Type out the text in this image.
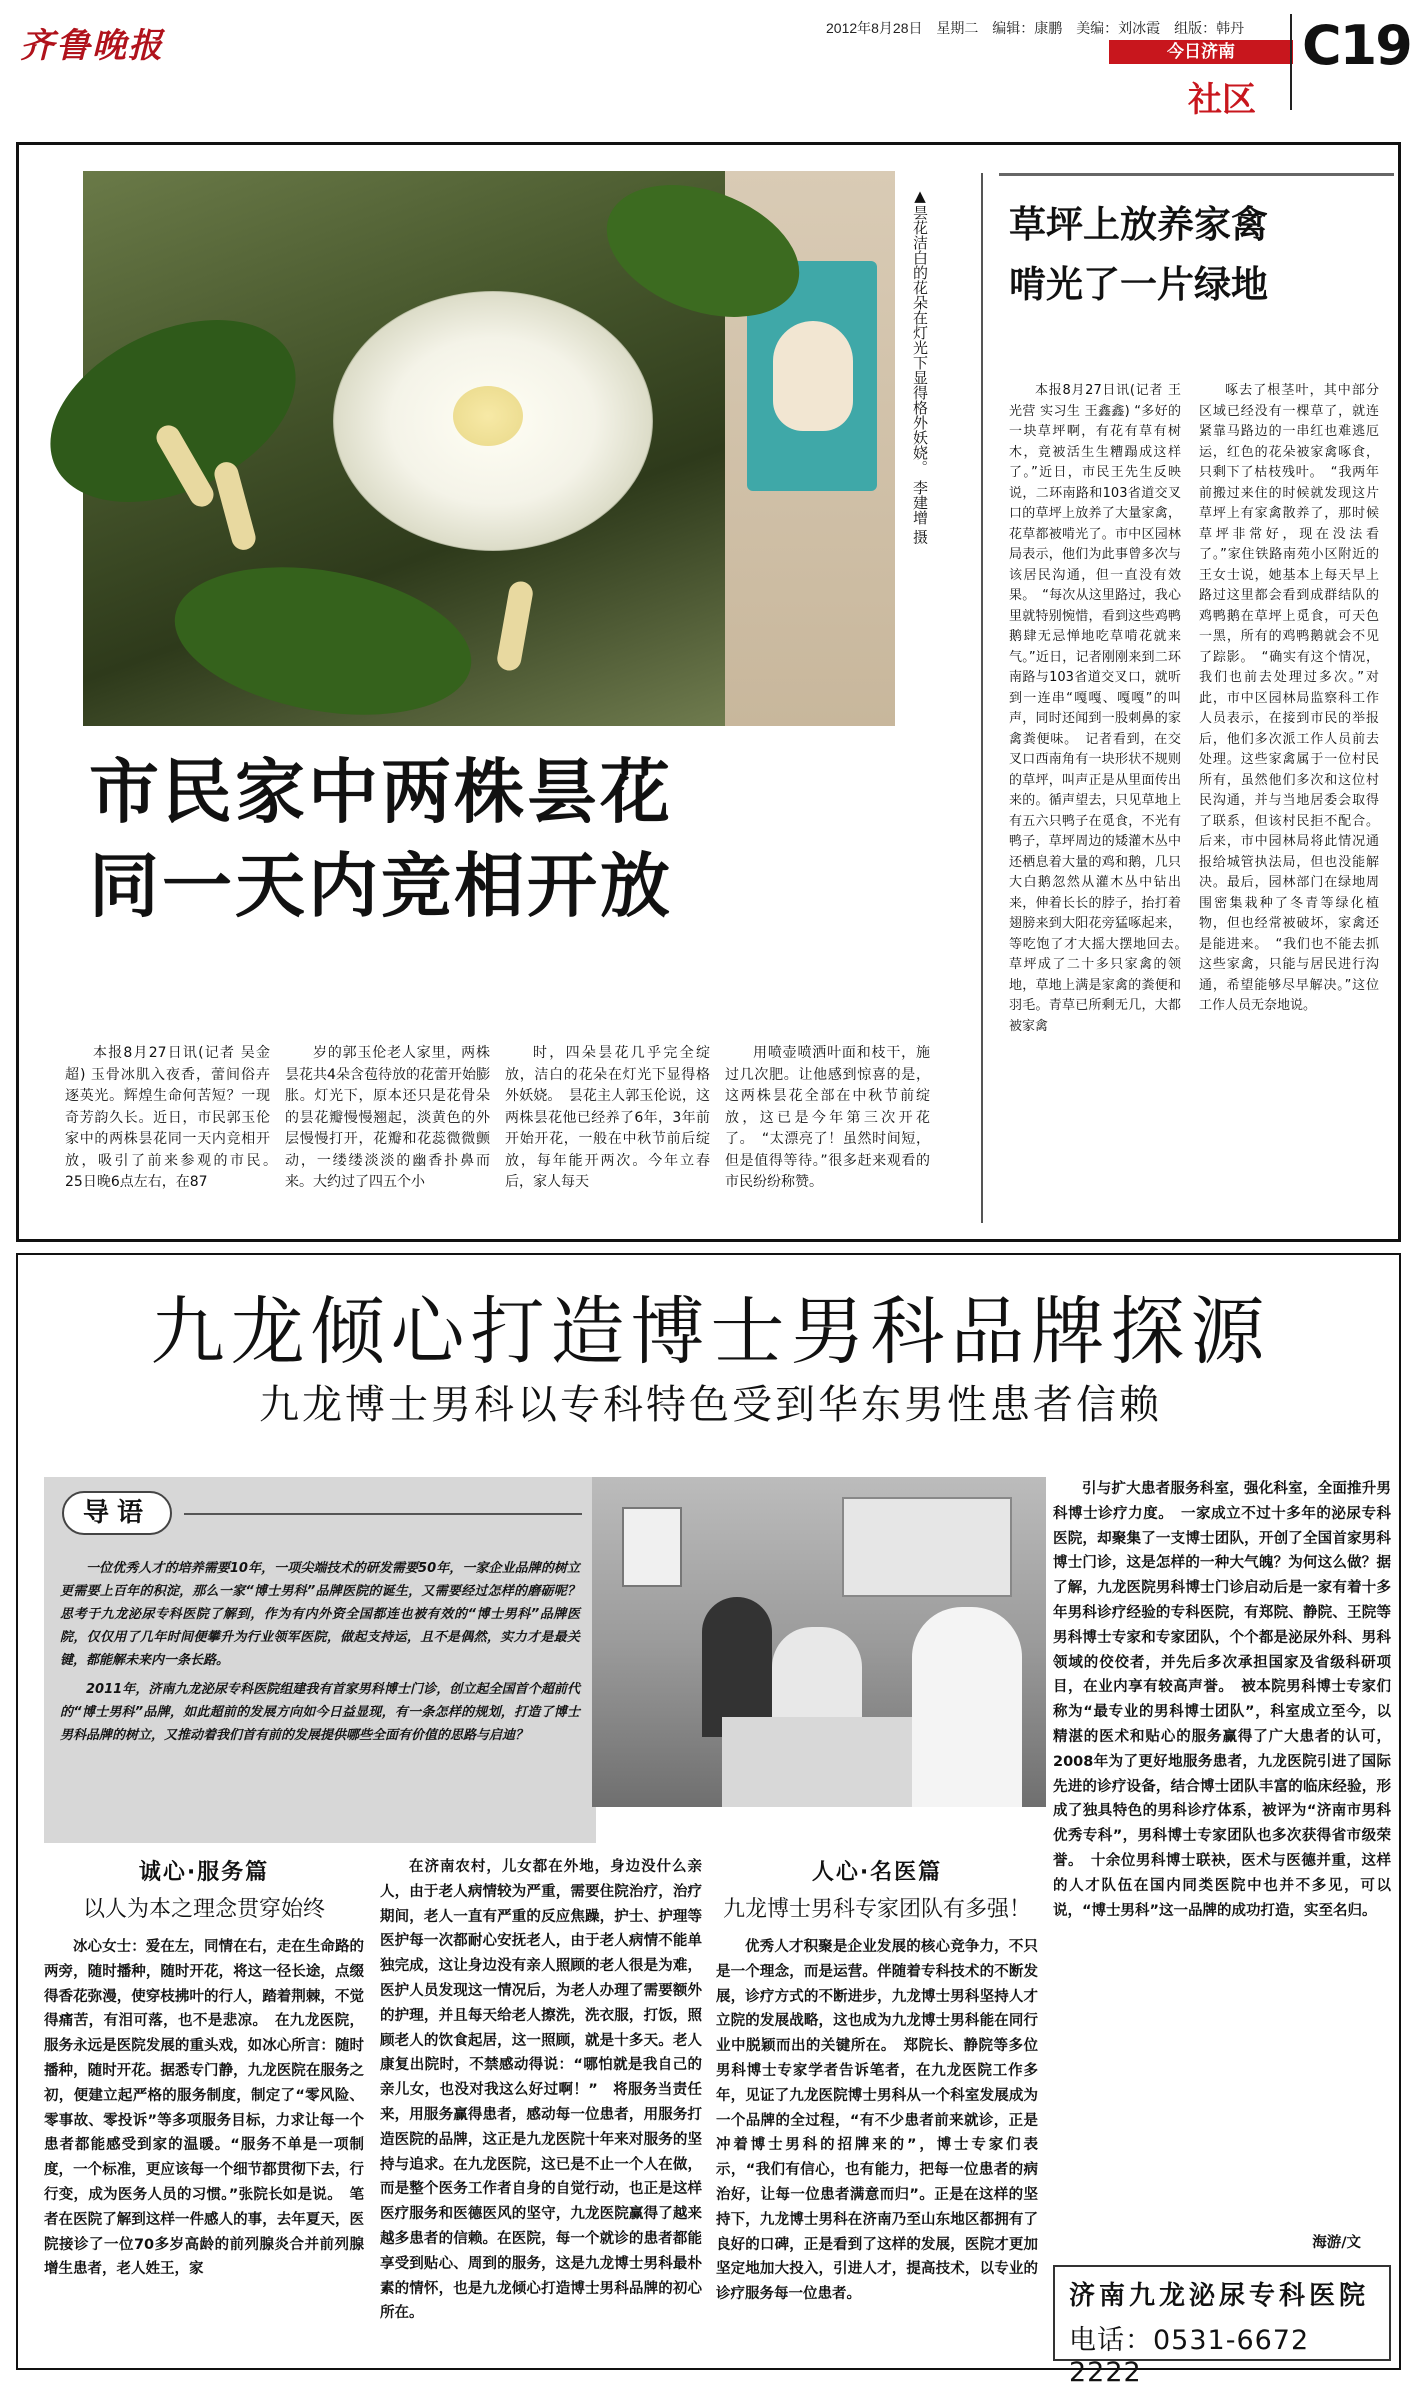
齐鲁晚报	2012年8月28日 星期二 编辑：康鹏 美编：刘冰霞 组版：韩丹
今日济南
社区
C19
▲昙花洁白的花朵在灯光下显得格外妖娆。 李建增 摄
市民家中两株昙花
同一天内竞相开放

本报8月27日讯(记者 吴金超) 玉骨冰肌入夜香，蕾间俗卉逐英光。辉煌生命何苦短？一现奇芳韵久长。近日，市民郭玉伦家中的两株昙花同一天内竞相开放，吸引了前来参观的市民。　25日晚6点左右，在87

岁的郭玉伦老人家里，两株昙花共4朵含苞待放的花蕾开始膨胀。灯光下，原本还只是花骨朵的昙花瓣慢慢翘起，淡黄色的外层慢慢打开，花瓣和花蕊微微颤动，一缕缕淡淡的幽香扑鼻而来。大约过了四五个小

时，四朵昙花几乎完全绽放，洁白的花朵在灯光下显得格外妖娆。　昙花主人郭玉伦说，这两株昙花他已经养了6年，3年前开始开花，一般在中秋节前后绽放，每年能开两次。今年立春后，家人每天

用喷壶喷洒叶面和枝干，施过几次肥。让他感到惊喜的是，这两株昙花全部在中秋节前绽放，这已是今年第三次开花了。　“太漂亮了！虽然时间短，但是值得等待。”很多赶来观看的市民纷纷称赞。

草坪上放养家禽
啃光了一片绿地

本报8月27日讯(记者 王光营 实习生 王鑫鑫) “多好的一块草坪啊，有花有草有树木，竟被活生生糟蹋成这样了。”近日，市民王先生反映说，二环南路和103省道交叉口的草坪上放养了大量家禽，花草都被啃光了。市中区园林局表示，他们为此事曾多次与该居民沟通，但一直没有效果。　“每次从这里路过，我心里就特别惋惜，看到这些鸡鸭鹅肆无忌惮地吃草啃花就来气。”近日，记者刚刚来到二环南路与103省道交叉口，就听到一连串“嘎嘎、嘎嘎”的叫声，同时还闻到一股刺鼻的家禽粪便味。　记者看到，在交叉口西南角有一块形状不规则的草坪，叫声正是从里面传出来的。循声望去，只见草地上有五六只鸭子在觅食，不光有鸭子，草坪周边的矮灌木丛中还栖息着大量的鸡和鹅，几只大白鹅忽然从灌木丛中钻出来，伸着长长的脖子，抬打着翅膀来到大阳花旁猛啄起来，等吃饱了才大摇大摆地回去。　草坪成了二十多只家禽的领地，草地上满是家禽的粪便和羽毛。青草已所剩无几，大都被家禽

啄去了根茎叶，其中部分区域已经没有一棵草了，就连紧靠马路边的一串红也难逃厄运，红色的花朵被家禽啄食，只剩下了枯枝残叶。　“我两年前搬过来住的时候就发现这片草坪上有家禽散养了，那时候草坪非常好，现在没法看了。”家住铁路南苑小区附近的王女士说，她基本上每天早上路过这里都会看到成群结队的鸡鸭鹅在草坪上觅食，可天色一黑，所有的鸡鸭鹅就会不见了踪影。　“确实有这个情况，我们也前去处理过多次。”对此，市中区园林局监察科工作人员表示，在接到市民的举报后，他们多次派工作人员前去处理。这些家禽属于一位村民所有，虽然他们多次和这位村民沟通，并与当地居委会取得了联系，但该村民拒不配合。后来，市中园林局将此情况通报给城管执法局，但也没能解决。最后，园林部门在绿地周围密集栽种了冬青等绿化植物，但也经常被破坏，家禽还是能进来。　“我们也不能去抓这些家禽，只能与居民进行沟通，希望能够尽早解决。”这位工作人员无奈地说。

九龙倾心打造博士男科品牌探源
九龙博士男科以专科特色受到华东男性患者信赖
导语

一位优秀人才的培养需要10年，一项尖端技术的研发需要50年，一家企业品牌的树立更需要上百年的积淀，那么一家“博士男科”品牌医院的诞生，又需要经过怎样的磨砺呢？思考于九龙泌尿专科医院了解到，作为有内外资全国都连也被有效的“博士男科”品牌医院，仅仅用了几年时间便攀升为行业领军医院，做起支持运，且不是偶然，实力才是最关键，都能解未来内一条长路。

2011年，济南九龙泌尿专科医院组建我有首家男科博士门诊，创立起全国首个超前代的“博士男科”品牌，如此超前的发展方向如今日益显现，有一条怎样的规划，打造了博士男科品牌的树立，又推动着我们首有前的发展提供哪些全面有价值的思路与启迪？

诚心·服务篇
以人为本之理念贯穿始终

冰心女士：爱在左，同情在右，走在生命路的两旁，随时播种，随时开花，将这一径长途，点缀得香花弥漫，使穿枝拂叶的行人，踏着荆棘，不觉得痛苦，有泪可落，也不是悲凉。　在九龙医院，服务永远是医院发展的重头戏，如冰心所言：随时播种，随时开花。据悉专门静，九龙医院在服务之初，便建立起严格的服务制度，制定了“零风险、零事故、零投诉”等多项服务目标，力求让每一个患者都能感受到家的温暖。“服务不单是一项制度，一个标准，更应该每一个细节都贯彻下去，行行变，成为医务人员的习惯。”张院长如是说。　笔者在医院了解到这样一件感人的事，去年夏天，医院接诊了一位70多岁高龄的前列腺炎合并前列腺增生患者，老人姓王，家

在济南农村，儿女都在外地，身边没什么亲人，由于老人病情较为严重，需要住院治疗，治疗期间，老人一直有严重的反应焦躁，护士、护理等医护每一次都耐心安抚老人，由于老人病情不能单独完成，这让身边没有亲人照顾的老人很是为难，医护人员发现这一情况后，为老人办理了需要额外的护理，并且每天给老人擦洗，洗衣服，打饭，照顾老人的饮食起居，这一照顾，就是十多天。老人康复出院时，不禁感动得说：“哪怕就是我自己的亲儿女，也没对我这么好过啊！”　将服务当责任来，用服务赢得患者，感动每一位患者，用服务打造医院的品牌，这正是九龙医院十年来对服务的坚持与追求。在九龙医院，这已是不止一个人在做，而是整个医务工作者自身的自觉行动，也正是这样医疗服务和医德医风的坚守，九龙医院赢得了越来越多患者的信赖。在医院，每一个就诊的患者都能享受到贴心、周到的服务，这是九龙博士男科最朴素的情怀，也是九龙倾心打造博士男科品牌的初心所在。

人心·名医篇
九龙博士男科专家团队有多强！

优秀人才积聚是企业发展的核心竞争力，不只是一个理念，而是运营。伴随着专科技术的不断发展，诊疗方式的不断进步，九龙博士男科坚持人才立院的发展战略，这也成为九龙博士男科能在同行业中脱颖而出的关键所在。　郑院长、静院等多位男科博士专家学者告诉笔者，在九龙医院工作多年，见证了九龙医院博士男科从一个科室发展成为一个品牌的全过程，“有不少患者前来就诊，正是冲着博士男科的招牌来的”，博士专家们表示，“我们有信心，也有能力，把每一位患者的病治好，让每一位患者满意而归”。正是在这样的坚持下，九龙博士男科在济南乃至山东地区都拥有了良好的口碑，正是看到了这样的发展，医院才更加坚定地加大投入，引进人才，提高技术，以专业的诊疗服务每一位患者。

引与扩大患者服务科室，强化科室，全面推升男科博士诊疗力度。　一家成立不过十多年的泌尿专科医院，却聚集了一支博士团队，开创了全国首家男科博士门诊，这是怎样的一种大气魄？为何这么做？据了解，九龙医院男科博士门诊启动后是一家有着十多年男科诊疗经验的专科医院，有郑院、静院、王院等男科博士专家和专家团队，个个都是泌尿外科、男科领域的佼佼者，并先后多次承担国家及省级科研项目，在业内享有较高声誉。　被本院男科博士专家们称为“最专业的男科博士团队”，科室成立至今，以精湛的医术和贴心的服务赢得了广大患者的认可，2008年为了更好地服务患者，九龙医院引进了国际先进的诊疗设备，结合博士团队丰富的临床经验，形成了独具特色的男科诊疗体系，被评为“济南市男科优秀专科”，男科博士专家团队也多次获得省市级荣誉。　十余位男科博士联袂，医术与医德并重，这样的人才队伍在国内同类医院中也并不多见，可以说，“博士男科”这一品牌的成功打造，实至名归。

海游/文
济南九龙泌尿专科医院
电话：0531-6672 2222
